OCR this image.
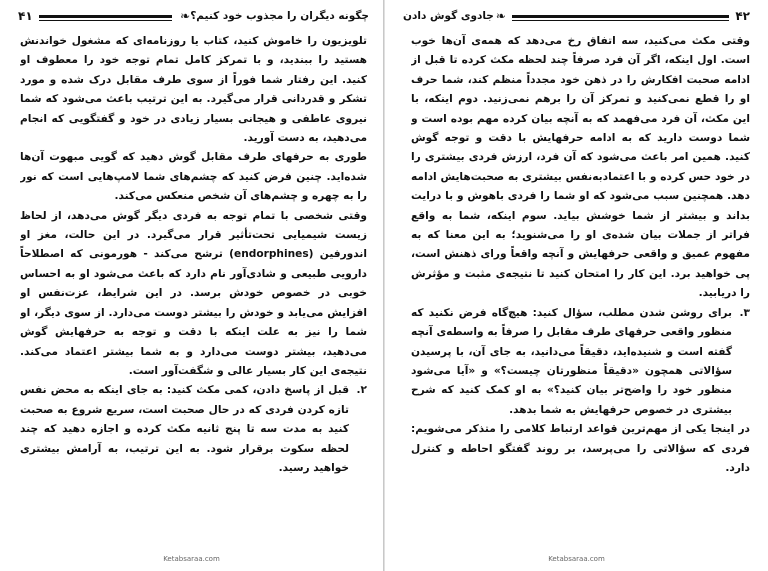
چگونه دیگران را مجذوب خود کنیم؟
❧
۴۱

تلویزیون را خاموش کنید، کتاب یا روزنامه‌ای که مشغول خواندنش هستید را ببندید، و با تمرکز کامل تمام توجه خود را معطوف او کنید. این رفتار شما فوراً از سوی طرف مقابل درک شده و مورد تشکر و قدردانی قرار می‌گیرد. به این ترتیب باعث می‌شود که شما نیروی عاطفی و هیجانی بسیار زیادی در خود و گفتگویی که انجام می‌دهید، به دست آورید.

طوری به حرفهای طرف مقابل گوش دهید که گویی مبهوت آن‌ها شده‌اید. چنین فرض کنید که چشم‌های شما لامپ‌هایی است که نور را به چهره و چشم‌های آن شخص منعکس می‌کند.

وقتی شخصی با تمام توجه به فردی دیگر گوش می‌دهد، از لحاظ زیست شیمیایی تحت‌تأثیر قرار می‌گیرد. در این حالت، مغز او اندورفین (endorphines) ترشح می‌کند - هورمونی که اصطلاحاً دارویی طبیعی و شادی‌آور نام دارد که باعث می‌شود او به احساس خوبی در خصوص خودش برسد. در این شرایط، عزت‌نفس او افزایش می‌یابد و خودش را بیشتر دوست می‌دارد. از سوی دیگر، او شما را نیز به علت اینکه با دقت و توجه به حرفهایش گوش می‌دهید، بیشتر دوست می‌دارد و به شما بیشتر اعتماد می‌کند. نتیجه‌ی این کار بسیار عالی و شگفت‌آور است.

۲.
قبل از پاسخ دادن، کمی مکث کنید: به جای اینکه به محض نفس تازه کردن فردی که در حال صحبت است، سریع شروع به صحبت کنید به مدت سه تا پنج ثانیه مکث کرده و اجازه دهید که چند لحظه سکوت برقرار شود. به این ترتیب، به آرامش بیشتری خواهید رسید.
Ketabsaraa.com
۴۲
❧
جادوی گوش دادن

وقتی مکث می‌کنید، سه اتفاق رخ می‌دهد که همه‌ی آن‌ها خوب است. اول اینکه، اگر آن فرد صرفاً چند لحظه مکث کرده تا قبل از ادامه صحبت افکارش را در ذهن خود مجدداً منظم کند، شما حرف او را قطع نمی‌کنید و تمرکز آن را برهم نمی‌زنید. دوم اینکه، با این مکث، آن فرد می‌فهمد که به آنچه بیان کرده مهم بوده است و شما دوست دارید که به ادامه حرفهایش با دقت و توجه گوش کنید. همین امر باعث می‌شود که آن فرد، ارزش فردی بیشتری را در خود حس کرده و با اعتمادبه‌نفس بیشتری به صحبت‌هایش ادامه دهد. همچنین سبب می‌شود که او شما را فردی باهوش و با درایت بداند و بیشتر از شما خوشش بیاید. سوم اینکه، شما به واقع فراتر از جملات بیان شده‌ی او را می‌شنوید؛ به این معنا که به مفهوم عمیق و واقعی حرفهایش و آنچه واقعاً ورای ذهنش است، پی خواهید برد. این کار را امتحان کنید تا نتیجه‌ی مثبت و مؤثرش را دریابید.

۳.
برای روشن شدن مطلب، سؤال کنید: هیچ‌گاه فرض نکنید که منظور واقعی حرفهای طرف مقابل را صرفاً به واسطه‌ی آنچه گفته است و شنیده‌اید، دقیقاً می‌دانید، به جای آن، با پرسیدن سؤالاتی همچون «دقیقاً منظورتان چیست؟» و «آیا می‌شود منظور خود را واضح‌تر بیان کنید؟» به او کمک کنید که شرح بیشتری در خصوص حرفهایش به شما بدهد.

در اینجا یکی از مهم‌ترین قواعد ارتباط کلامی را متذکر می‌شویم: فردی که سؤالاتی را می‌پرسد، بر روند گفتگو احاطه و کنترل دارد.

Ketabsaraa.com
